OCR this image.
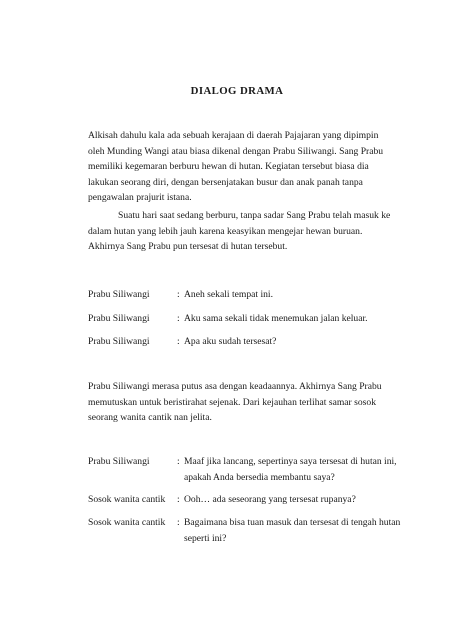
DIALOG DRAMA
Alkisah dahulu kala ada sebuah kerajaan di daerah Pajajaran yang dipimpin
oleh Munding Wangi atau biasa dikenal dengan Prabu Siliwangi. Sang Prabu
memiliki kegemaran berburu hewan di hutan. Kegiatan tersebut biasa dia
lakukan seorang diri, dengan bersenjatakan busur dan anak panah tanpa
pengawalan prajurit istana.
Suatu hari saat sedang berburu, tanpa sadar Sang Prabu telah masuk ke
dalam hutan yang lebih jauh karena keasyikan mengejar hewan buruan.
Akhirnya Sang Prabu pun tersesat di hutan tersebut.
Prabu Siliwangi	: Aneh sekali tempat ini.
Prabu Siliwangi	: Aku sama sekali tidak menemukan jalan keluar.
Prabu Siliwangi	: Apa aku sudah tersesat?
Prabu Siliwangi merasa putus asa dengan keadaannya. Akhirnya Sang Prabu
memutuskan untuk beristirahat sejenak. Dari kejauhan terlihat samar sosok
seorang wanita cantik nan jelita.
Prabu Siliwangi	: Maaf jika lancang, sepertinya saya tersesat di hutan ini,
apakah Anda bersedia membantu saya?
Sosok wanita cantik : Ooh… ada seseorang yang tersesat rupanya?
Sosok wanita cantik : Bagaimana bisa tuan masuk dan tersesat di tengah hutan
seperti ini?
